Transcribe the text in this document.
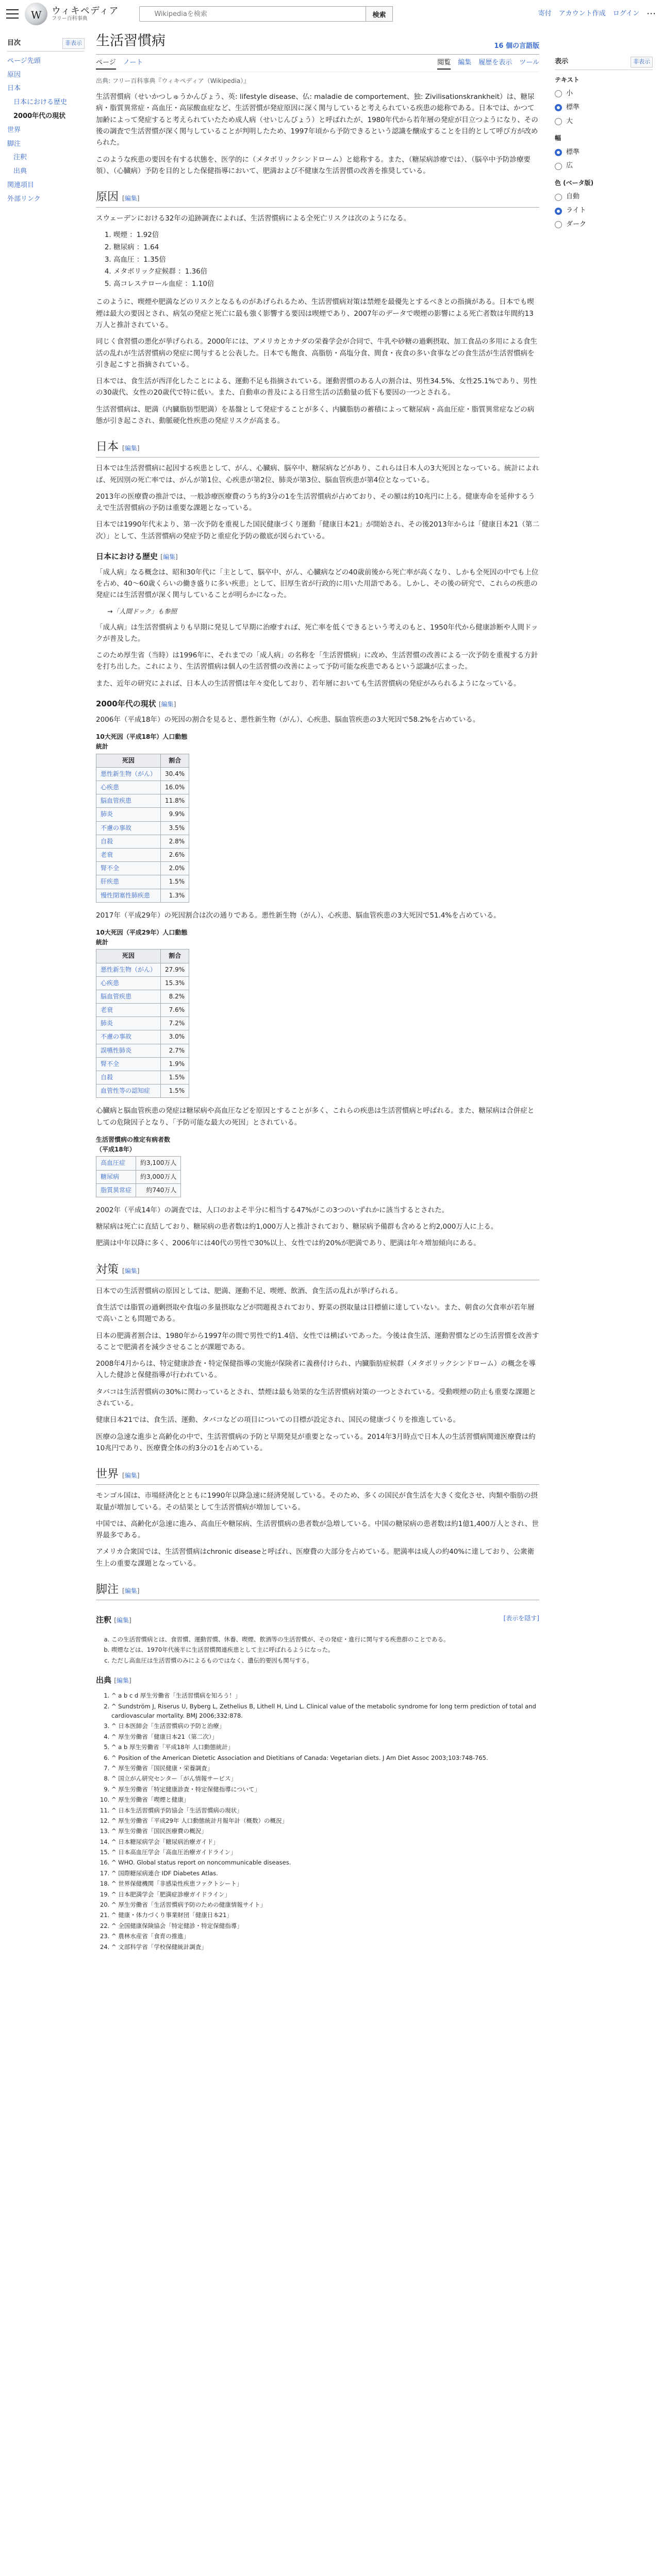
W
ウィキペディア
フリー百科事典
Wikipediaを検索
検索	寄付 アカウント作成 ログイン ⋯
目次	非表示
ページ先頭
原因
日本
日本における歴史
2000年代の現状
世界
脚注
注釈
出典
関連項目
外部リンク
生活習慣病	16 個の言語版
ページ ノート	閲覧 編集 履歴を表示 ツール
出典: フリー百科事典『ウィキペディア（Wikipedia）』

生活習慣病（せいかつしゅうかんびょう、英: lifestyle disease、仏: maladie de comportement、独: Zivilisationskrankheit）は、糖尿病・脂質異常症・高血圧・高尿酸血症など、生活習慣が発症原因に深く関与していると考えられている疾患の総称である。日本では、かつて加齢によって発症すると考えられていたため成人病（せいじんびょう）と呼ばれたが、1980年代から若年層の発症が目立つようになり、その後の調査で生活習慣が深く関与していることが判明したため、1997年頃から予防できるという認識を醸成することを目的として呼び方が改められた。

このような疾患の要因を有する状態を、医学的に（メタボリックシンドローム）と総称する。また、（糖尿病診療では）、（脳卒中予防診療要領）、（心臓病）予防を目的とした保健指導において、肥満および不健康な生活習慣の改善を推奨している。

原因 [編集]

スウェーデンにおける32年の追跡調査によれば、生活習慣病による全死亡リスクは次のようになる。

1. 喫煙 ：1.92倍
2. 糖尿病 ：1.64
3. 高血圧 ：1.35倍
4. メタボリック症候群 ：1.36倍
5. 高コレステロール血症 ：1.10倍

このように、喫煙や肥満などのリスクとなるものがあげられるため、生活習慣病対策は禁煙を最優先とするべきとの指摘がある。日本でも喫煙は最大の要因とされ、病気の発症と死亡に最も強く影響する要因は喫煙であり、2007年のデータで喫煙の影響による死亡者数は年間約13万人と推計されている。

同じく食習慣の悪化が挙げられる。2000年には、アメリカとカナダの栄養学会が合同で、牛乳や砂糖の過剰摂取、加工食品の多用による食生活の乱れが生活習慣病の発症に関与すると公表した。日本でも飽食、高脂肪・高塩分食、間食・夜食の多い食事などの食生活が生活習慣病を引き起こすと指摘されている。

日本では、食生活が西洋化したことによる、運動不足も指摘されている。運動習慣のある人の割合は、男性34.5%、女性25.1%であり、男性の30歳代、女性の20歳代で特に低い。また、自動車の普及による日常生活の活動量の低下も要因の一つとされる。

生活習慣病は、肥満（内臓脂肪型肥満）を基盤として発症することが多く、内臓脂肪の蓄積によって糖尿病・高血圧症・脂質異常症などの病態が引き起こされ、動脈硬化性疾患の発症リスクが高まる。

日本 [編集]

日本では生活習慣病に起因する疾患として、がん、心臓病、脳卒中、糖尿病などがあり、これらは日本人の3大死因となっている。統計によれば、死因別の死亡率では、がんが第1位、心疾患が第2位、肺炎が第3位、脳血管疾患が第4位となっている。

2013年の医療費の推計では、一般診療医療費のうち約3分の1を生活習慣病が占めており、その額は約10兆円に上る。健康寿命を延伸するうえで生活習慣病の予防は重要な課題となっている。

日本では1990年代末より、第一次予防を重視した国民健康づくり運動「健康日本21」が開始され、その後2013年からは「健康日本21（第二次）」として、生活習慣病の発症予防と重症化予防の徹底が図られている。

日本における歴史 [編集]

「成人病」なる概念は、昭和30年代に「主として、脳卒中、がん、心臓病などの40歳前後から死亡率が高くなり、しかも全死因の中でも上位を占め、40～60歳くらいの働き盛りに多い疾患」として、旧厚生省が行政的に用いた用語である。しかし、その後の研究で、これらの疾患の発症には生活習慣が深く関与していることが明らかになった。

→「人間ドック」も参照

「成人病」は生活習慣病よりも早期に発見して早期に治療すれば、死亡率を低くできるという考えのもと、1950年代から健康診断や人間ドックが普及した。

このため厚生省（当時）は1996年に、それまでの「成人病」の名称を「生活習慣病」に改め、生活習慣の改善による一次予防を重視する方針を打ち出した。これにより、生活習慣病は個人の生活習慣の改善によって予防可能な疾患であるという認識が広まった。

また、近年の研究によれば、日本人の生活習慣は年々変化しており、若年層においても生活習慣病の発症がみられるようになっている。

2000年代の現状 [編集]

2006年（平成18年）の死因の割合を見ると、悪性新生物（がん）、心疾患、脳血管疾患の3大死因で58.2%を占めている。

10大死因（平成18年）人口動態統計
死因	割合
悪性新生物（がん）	30.4%
心疾患	16.0%
脳血管疾患	11.8%
肺炎	9.9%
不慮の事故	3.5%
自殺	2.8%
老衰	2.6%
腎不全	2.0%
肝疾患	1.5%
慢性閉塞性肺疾患	1.3%

2017年（平成29年）の死因割合は次の通りである。悪性新生物（がん）、心疾患、脳血管疾患の3大死因で51.4%を占めている。

10大死因（平成29年）人口動態統計
死因	割合
悪性新生物（がん）	27.9%
心疾患	15.3%
脳血管疾患	8.2%
老衰	7.6%
肺炎	7.2%
不慮の事故	3.0%
誤嚥性肺炎	2.7%
腎不全	1.9%
自殺	1.5%
血管性等の認知症	1.5%

心臓病と脳血管疾患の発症は糖尿病や高血圧などを原因とすることが多く、これらの疾患は生活習慣病と呼ばれる。また、糖尿病は合併症としての危険因子となり、「予防可能な最大の死因」とされている。

生活習慣病の推定有病者数（平成18年）
高血圧症	約3,100万人
糖尿病	約3,000万人
脂質異常症	約740万人

2002年（平成14年）の調査では、人口のおよそ半分に相当する47%がこの3つのいずれかに該当するとされた。

糖尿病は死亡に直結しており、糖尿病の患者数は約1,000万人と推計されており、糖尿病予備群も含めると約2,000万人に上る。

肥満は中年以降に多く、2006年には40代の男性で30%以上、女性では約20%が肥満であり、肥満は年々増加傾向にある。

対策 [編集]

日本での生活習慣病の原因としては、肥満、運動不足、喫煙、飲酒、食生活の乱れが挙げられる。

食生活では脂質の過剰摂取や食塩の多量摂取などが問題視されており、野菜の摂取量は目標値に達していない。また、朝食の欠食率が若年層で高いことも問題である。

日本の肥満者割合は、1980年から1997年の間で男性で約1.4倍、女性では横ばいであった。今後は食生活、運動習慣などの生活習慣を改善することで肥満者を減少させることが課題である。

2008年4月からは、特定健康診査・特定保健指導の実施が保険者に義務付けられ、内臓脂肪症候群（メタボリックシンドローム）の概念を導入した健診と保健指導が行われている。

タバコは生活習慣病の30%に関わっているとされ、禁煙は最も効果的な生活習慣病対策の一つとされている。受動喫煙の防止も重要な課題とされている。

健康日本21では、食生活、運動、タバコなどの項目についての目標が設定され、国民の健康づくりを推進している。

医療の急速な進歩と高齢化の中で、生活習慣病の予防と早期発見が重要となっている。2014年3月時点で日本人の生活習慣病関連医療費は約10兆円であり、医療費全体の約3分の1を占めている。

世界 [編集]

モンゴル国は、市場経済化とともに1990年以降急速に経済発展している。そのため、多くの国民が食生活を大きく変化させ、肉類や脂肪の摂取量が増加している。その結果として生活習慣病が増加している。

中国では、高齢化が急速に進み、高血圧や糖尿病、生活習慣病の患者数が急増している。中国の糖尿病の患者数は約1億1,400万人とされ、世界最多である。

アメリカ合衆国では、生活習慣病はchronic diseaseと呼ばれ、医療費の大部分を占めている。肥満率は成人の約40%に達しており、公衆衛生上の重要な課題となっている。

脚注 [編集]
注釈 [編集]	[表示を隠す]
a. この生活習慣病とは、食習慣、運動習慣、休養、喫煙、飲酒等の生活習慣が、その発症・進行に関与する疾患群のことである。
b. 喫煙などは、1970年代後半に生活習慣関連疾患として主に呼ばれるようになった。
c. ただし高血圧は生活習慣のみによるものではなく、遺伝的要因も関与する。
出典 [編集]
1. ^ a b c d 厚生労働省「生活習慣病を知ろう！」
2. ^ Sundström J, Riserus U, Byberg L, Zethelius B, Lithell H, Lind L. Clinical value of the metabolic syndrome for long term prediction of total and cardiovascular mortality. BMJ 2006;332:878.
3. ^ 日本医師会「生活習慣病の予防と治療」
4. ^ 厚生労働省「健康日本21（第二次）」
5. ^ a b 厚生労働省「平成18年 人口動態統計」
6. ^ Position of the American Dietetic Association and Dietitians of Canada: Vegetarian diets. J Am Diet Assoc 2003;103:748-765.
7. ^ 厚生労働省「国民健康・栄養調査」
8. ^ 国立がん研究センター「がん情報サービス」
9. ^ 厚生労働省「特定健康診査・特定保健指導について」
10. ^ 厚生労働省「喫煙と健康」
11. ^ 日本生活習慣病予防協会「生活習慣病の現状」
12. ^ 厚生労働省「平成29年 人口動態統計月報年計（概数）の概況」
13. ^ 厚生労働省「国民医療費の概況」
14. ^ 日本糖尿病学会「糖尿病治療ガイド」
15. ^ 日本高血圧学会「高血圧治療ガイドライン」
16. ^ WHO. Global status report on noncommunicable diseases.
17. ^ 国際糖尿病連合 IDF Diabetes Atlas.
18. ^ 世界保健機関「非感染性疾患ファクトシート」
19. ^ 日本肥満学会「肥満症診療ガイドライン」
20. ^ 厚生労働省「生活習慣病予防のための健康情報サイト」
21. ^ 健康・体力づくり事業財団「健康日本21」
22. ^ 全国健康保険協会「特定健診・特定保健指導」
23. ^ 農林水産省「食育の推進」
24. ^ 文部科学省「学校保健統計調査」
表示	非表示
テキスト
小
標準
大
幅
標準
広
色 (ベータ版)
自動
ライト
ダーク
